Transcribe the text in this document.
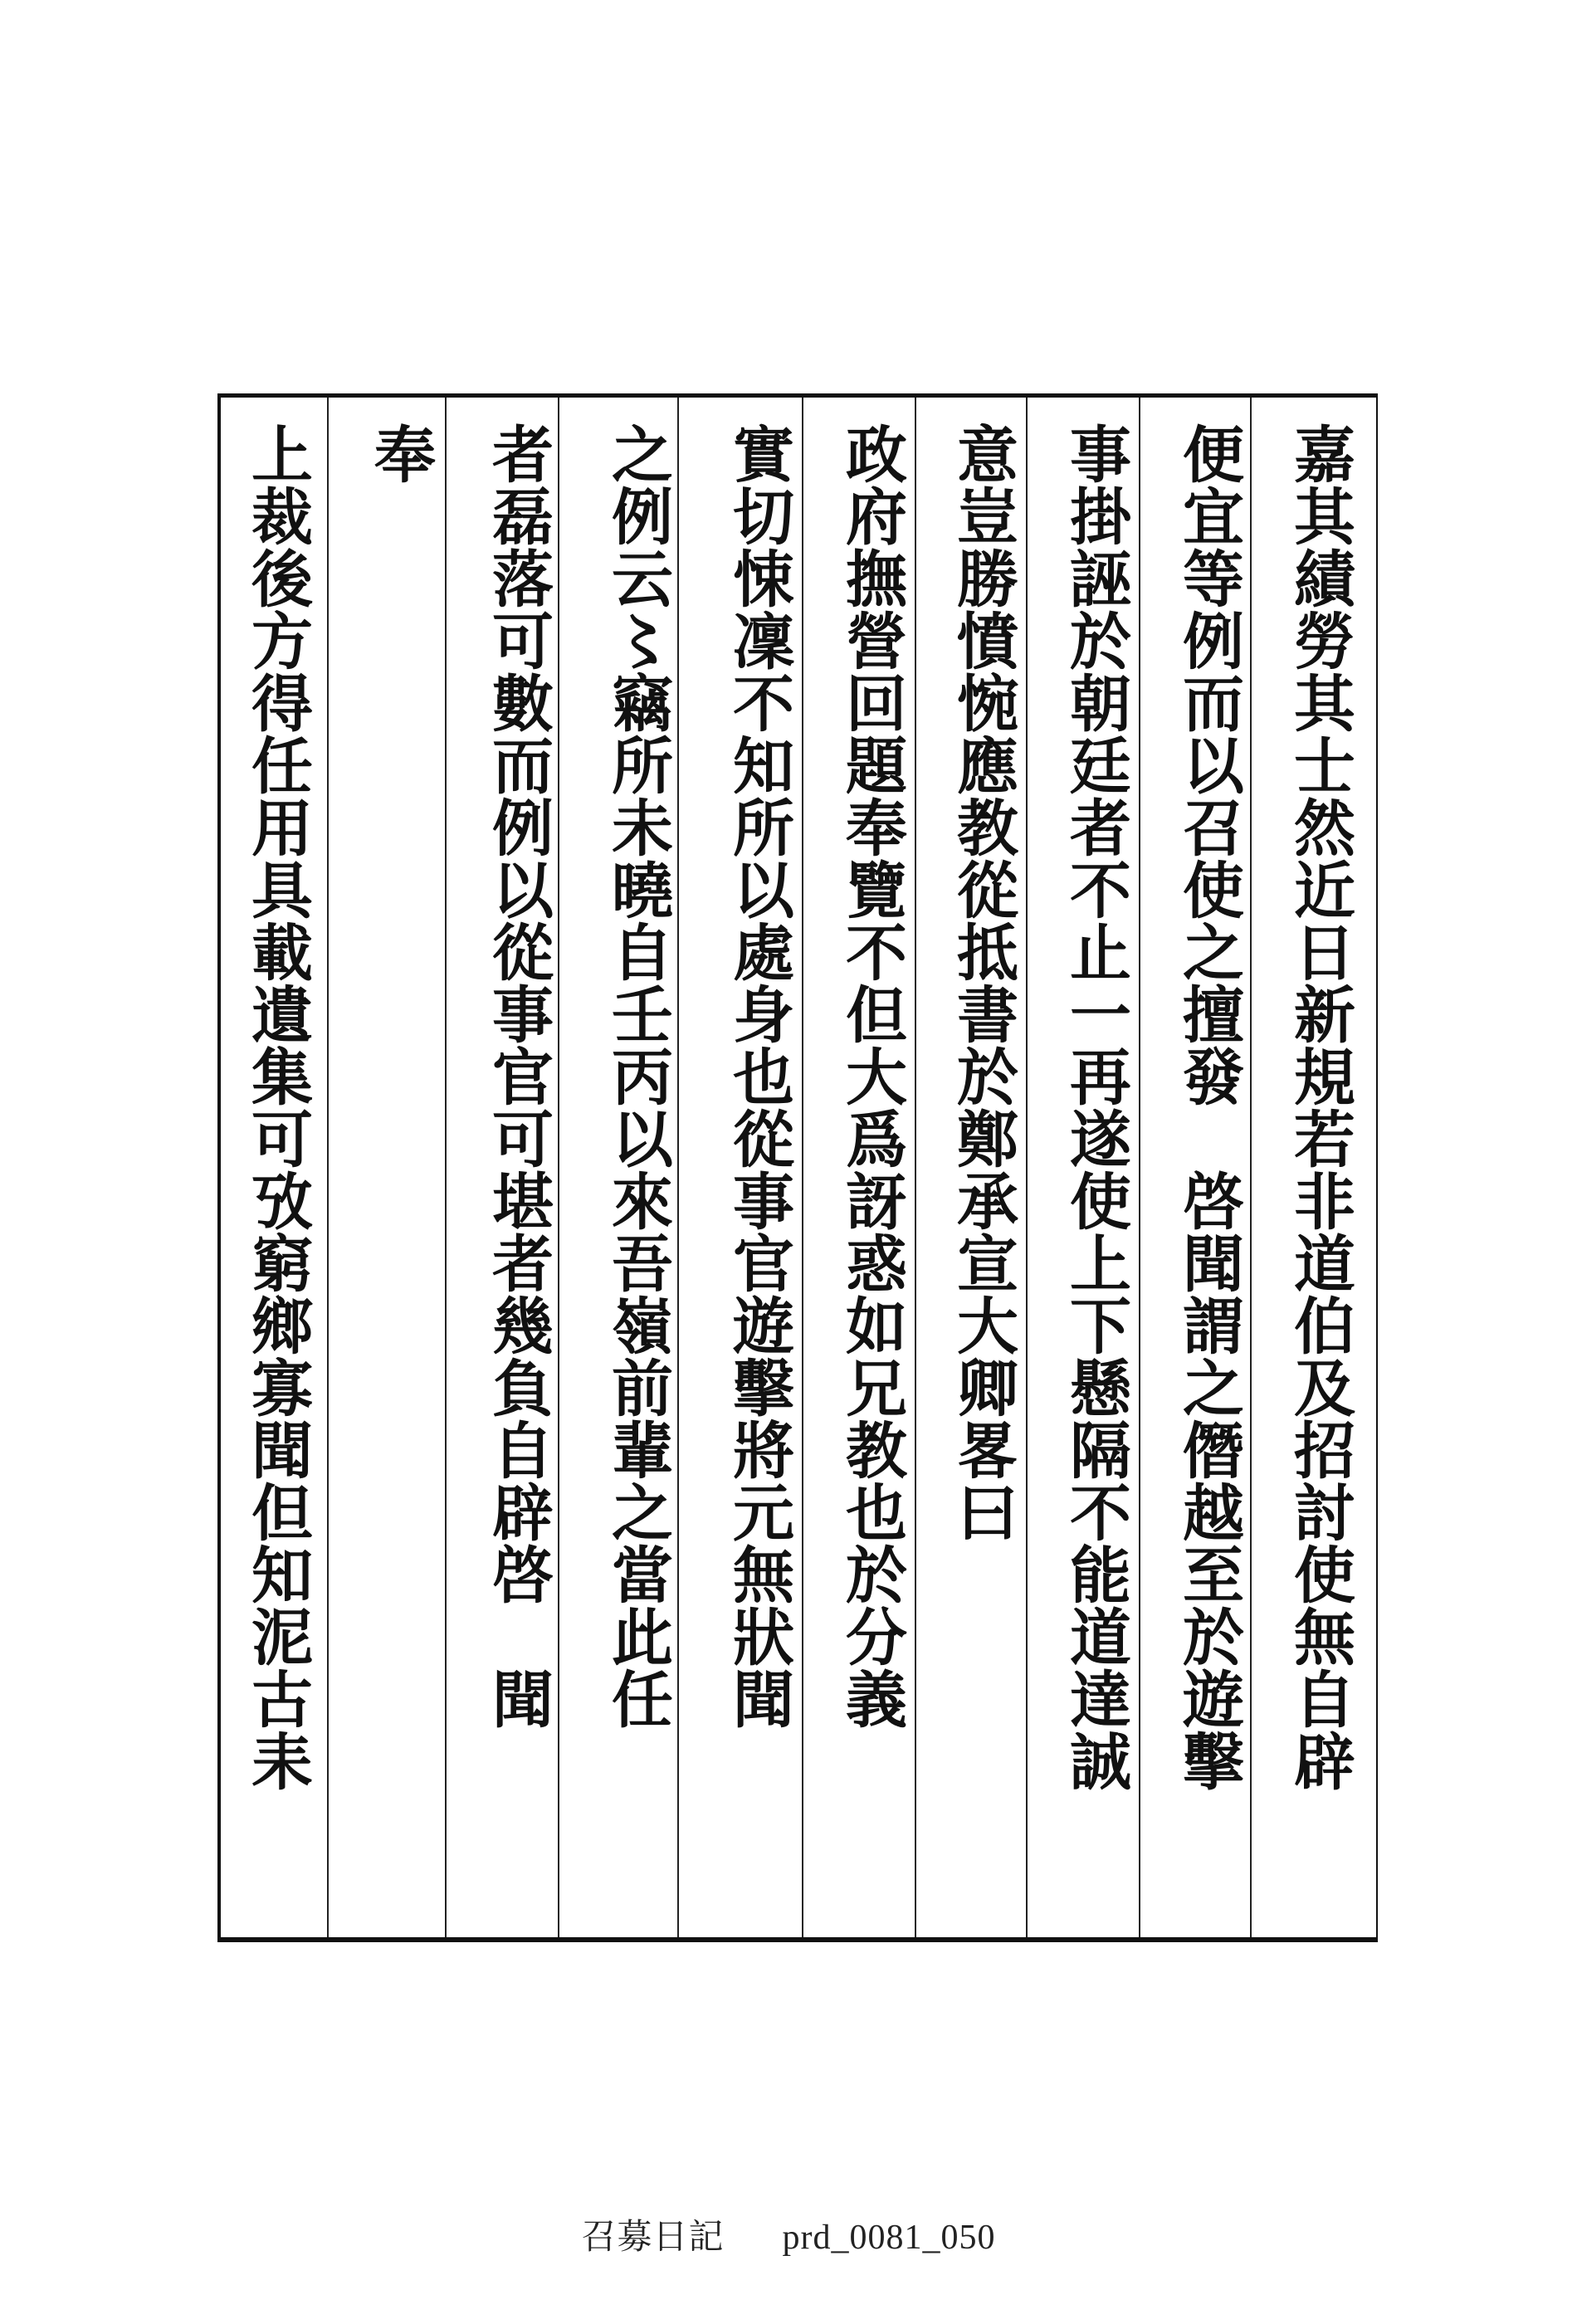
嘉其績勞其士然近日新規若非道伯及招討使無自辟
便宜等例而以召使之擅發　啓聞謂之僭越至於遊擊
事掛誣於朝廷者不止一再遂使上下懸隔不能道達誠
意豈勝憤惋應教從抵書於鄭承宣大卿畧曰
政府撫營回題奉覽不但大爲訝惑如兄教也於分義
實切悚凜不知所以處身也從事官遊擊將元無狀聞
之例云〻竊所未曉自壬丙以來吾嶺前輩之當此任
者磊落可數而例以從事官可堪者幾負自辟啓　聞
奉
上裁後方得任用具載遺集可攷窮鄉寡聞但知泥古耒
召募日記 prd_0081_050
